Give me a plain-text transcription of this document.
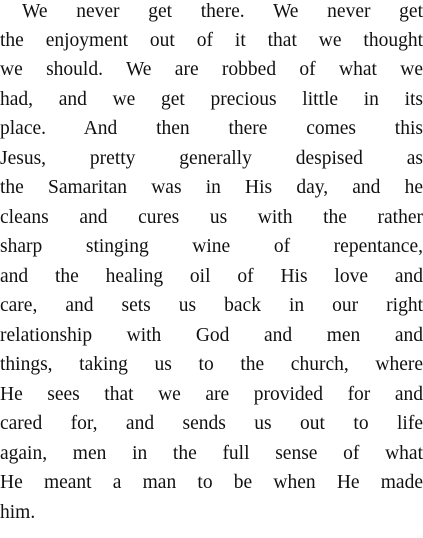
We never get there. We never get
the enjoyment out of it that we thought
we should. We are robbed of what we
had, and we get precious little in its
place. And then there comes this
Jesus, pretty generally despised as
the Samaritan was in His day, and he
cleans and cures us with the rather
sharp stinging wine of repentance,
and the healing oil of His love and
care, and sets us back in our right
relationship with God and men and
things, taking us to the church, where
He sees that we are provided for and
cared for, and sends us out to life
again, men in the full sense of what
He meant a man to be when He made
him.
